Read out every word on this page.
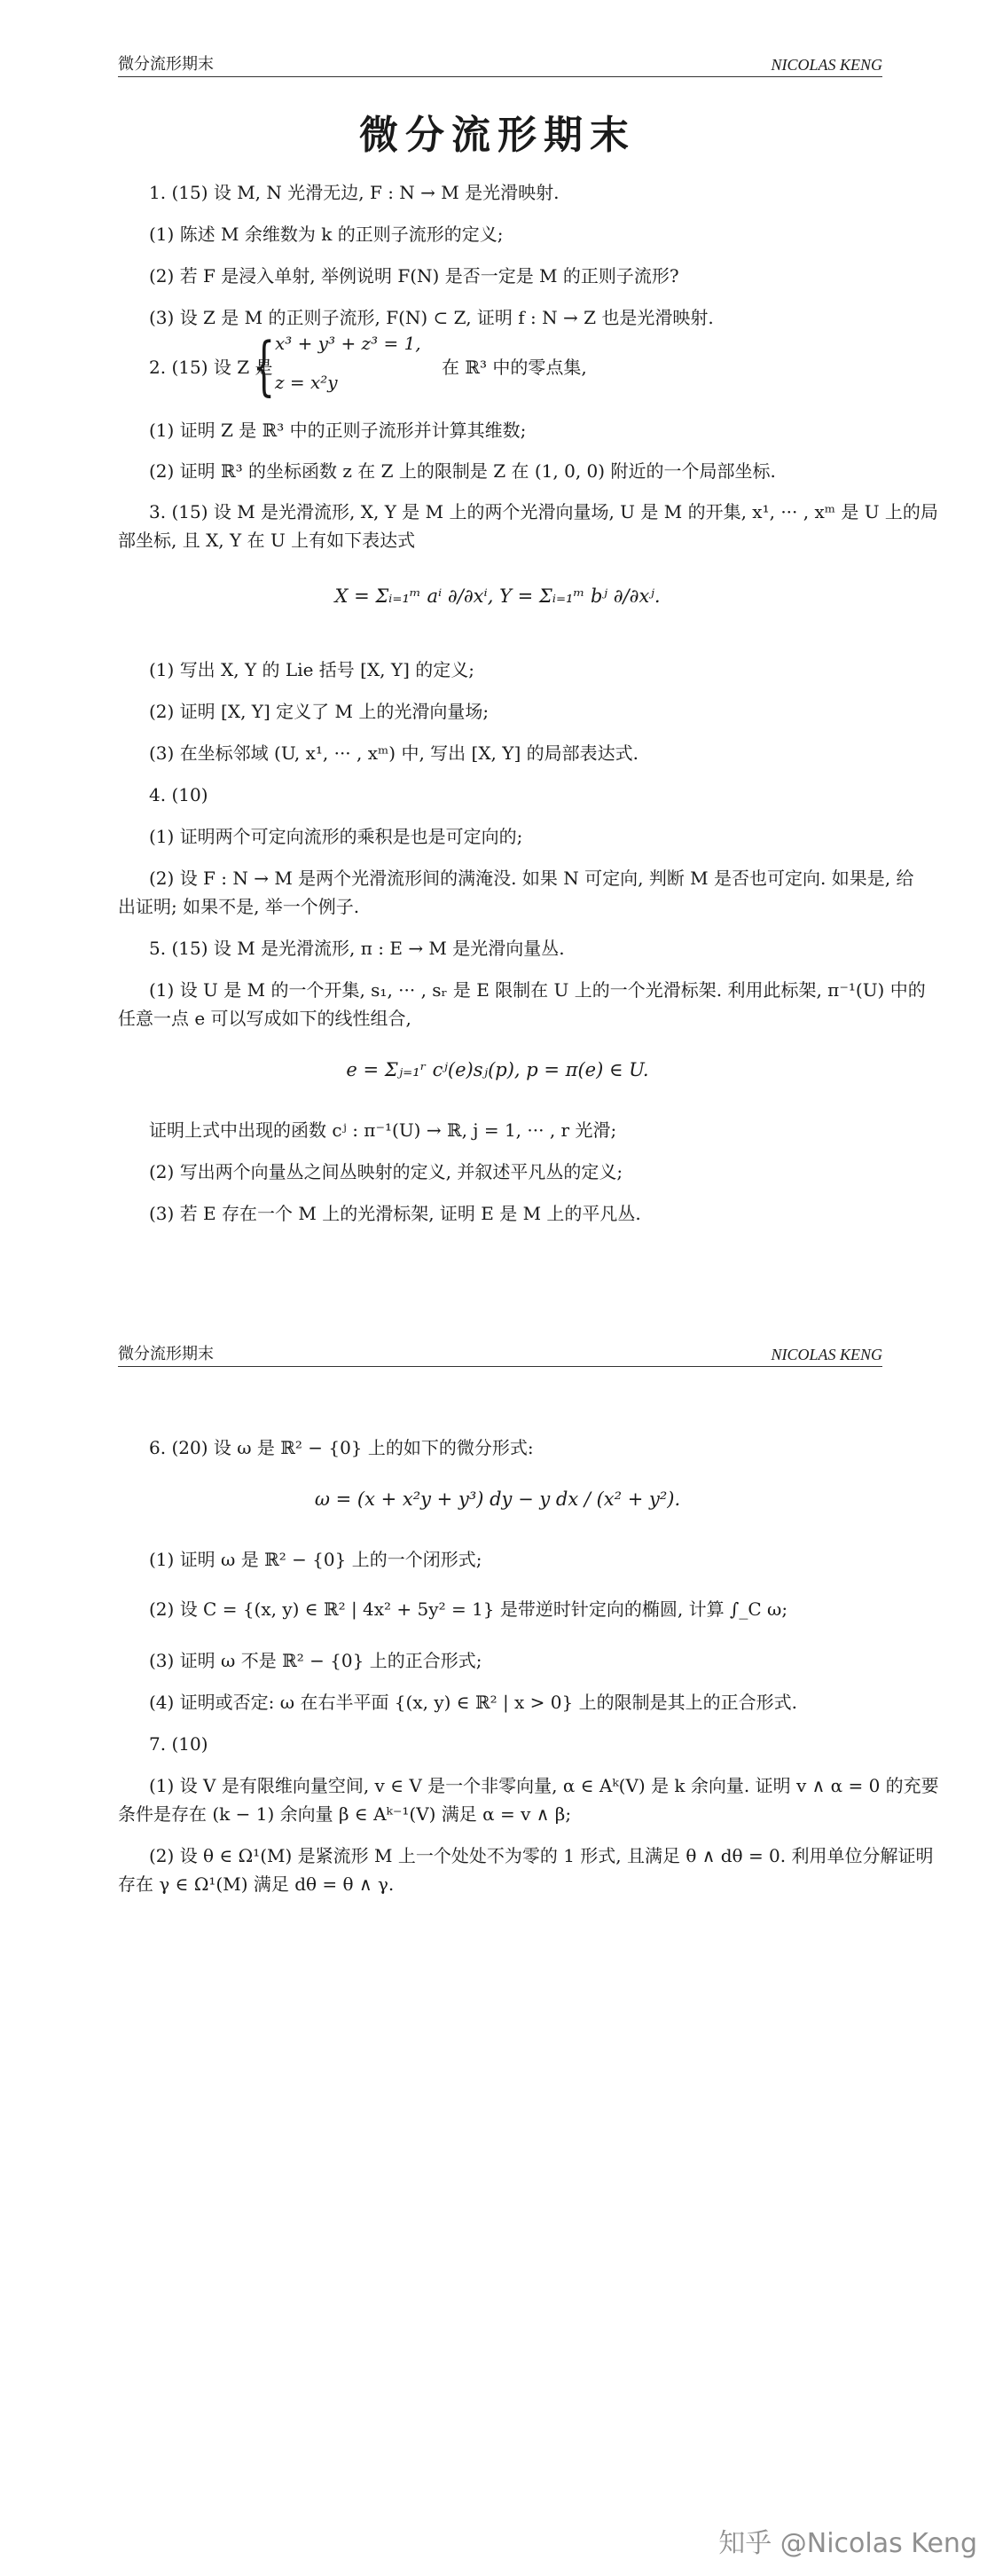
微分流形期末	NICOLAS KENG
微分流形期末
1. (15) 设 M, N 光滑无边, F : N → M 是光滑映射.
(1) 陈述 M 余维数为 k 的正则子流形的定义;
(2) 若 F 是浸入单射, 举例说明 F(N) 是否一定是 M 的正则子流形?
(3) 设 Z 是 M 的正则子流形, F(N) ⊂ Z, 证明 f : N → Z 也是光滑映射.
2. (15) 设 Z 是
{ x³ + y³ + z³ = 1,
z = x²y
在 ℝ³ 中的零点集,
(1) 证明 Z 是 ℝ³ 中的正则子流形并计算其维数;
(2) 证明 ℝ³ 的坐标函数 z 在 Z 上的限制是 Z 在 (1, 0, 0) 附近的一个局部坐标.
3. (15) 设 M 是光滑流形, X, Y 是 M 上的两个光滑向量场, U 是 M 的开集, x¹, ··· , xᵐ 是 U 上的局
部坐标, 且 X, Y 在 U 上有如下表达式
X = Σᵢ₌₁ᵐ aⁱ ∂/∂xⁱ, Y = Σᵢ₌₁ᵐ bʲ ∂/∂xʲ.
(1) 写出 X, Y 的 Lie 括号 [X, Y] 的定义;
(2) 证明 [X, Y] 定义了 M 上的光滑向量场;
(3) 在坐标邻域 (U, x¹, ··· , xᵐ) 中, 写出 [X, Y] 的局部表达式.
4. (10)
(1) 证明两个可定向流形的乘积是也是可定向的;
(2) 设 F : N → M 是两个光滑流形间的满淹没. 如果 N 可定向, 判断 M 是否也可定向. 如果是, 给
出证明; 如果不是, 举一个例子.
5. (15) 设 M 是光滑流形, π : E → M 是光滑向量丛.
(1) 设 U 是 M 的一个开集, s₁, ··· , sᵣ 是 E 限制在 U 上的一个光滑标架. 利用此标架, π⁻¹(U) 中的
任意一点 e 可以写成如下的线性组合,
e = Σⱼ₌₁ʳ cʲ(e)sⱼ(p), p = π(e) ∈ U.
证明上式中出现的函数 cʲ : π⁻¹(U) → ℝ, j = 1, ··· , r 光滑;
(2) 写出两个向量丛之间丛映射的定义, 并叙述平凡丛的定义;
(3) 若 E 存在一个 M 上的光滑标架, 证明 E 是 M 上的平凡丛.
微分流形期末	NICOLAS KENG
6. (20) 设 ω 是 ℝ² − {0} 上的如下的微分形式:
ω = (x + x²y + y³) dy − y dx / (x² + y²).
(1) 证明 ω 是 ℝ² − {0} 上的一个闭形式;
(2) 设 C = {(x, y) ∈ ℝ² | 4x² + 5y² = 1} 是带逆时针定向的椭圆, 计算 ∫_C ω;
(3) 证明 ω 不是 ℝ² − {0} 上的正合形式;
(4) 证明或否定: ω 在右半平面 {(x, y) ∈ ℝ² | x > 0} 上的限制是其上的正合形式.
7. (10)
(1) 设 V 是有限维向量空间, v ∈ V 是一个非零向量, α ∈ Aᵏ(V) 是 k 余向量. 证明 v ∧ α = 0 的充要
条件是存在 (k − 1) 余向量 β ∈ Aᵏ⁻¹(V) 满足 α = v ∧ β;
(2) 设 θ ∈ Ω¹(M) 是紧流形 M 上一个处处不为零的 1 形式, 且满足 θ ∧ dθ = 0. 利用单位分解证明
存在 γ ∈ Ω¹(M) 满足 dθ = θ ∧ γ.
知乎 @Nicolas Keng
